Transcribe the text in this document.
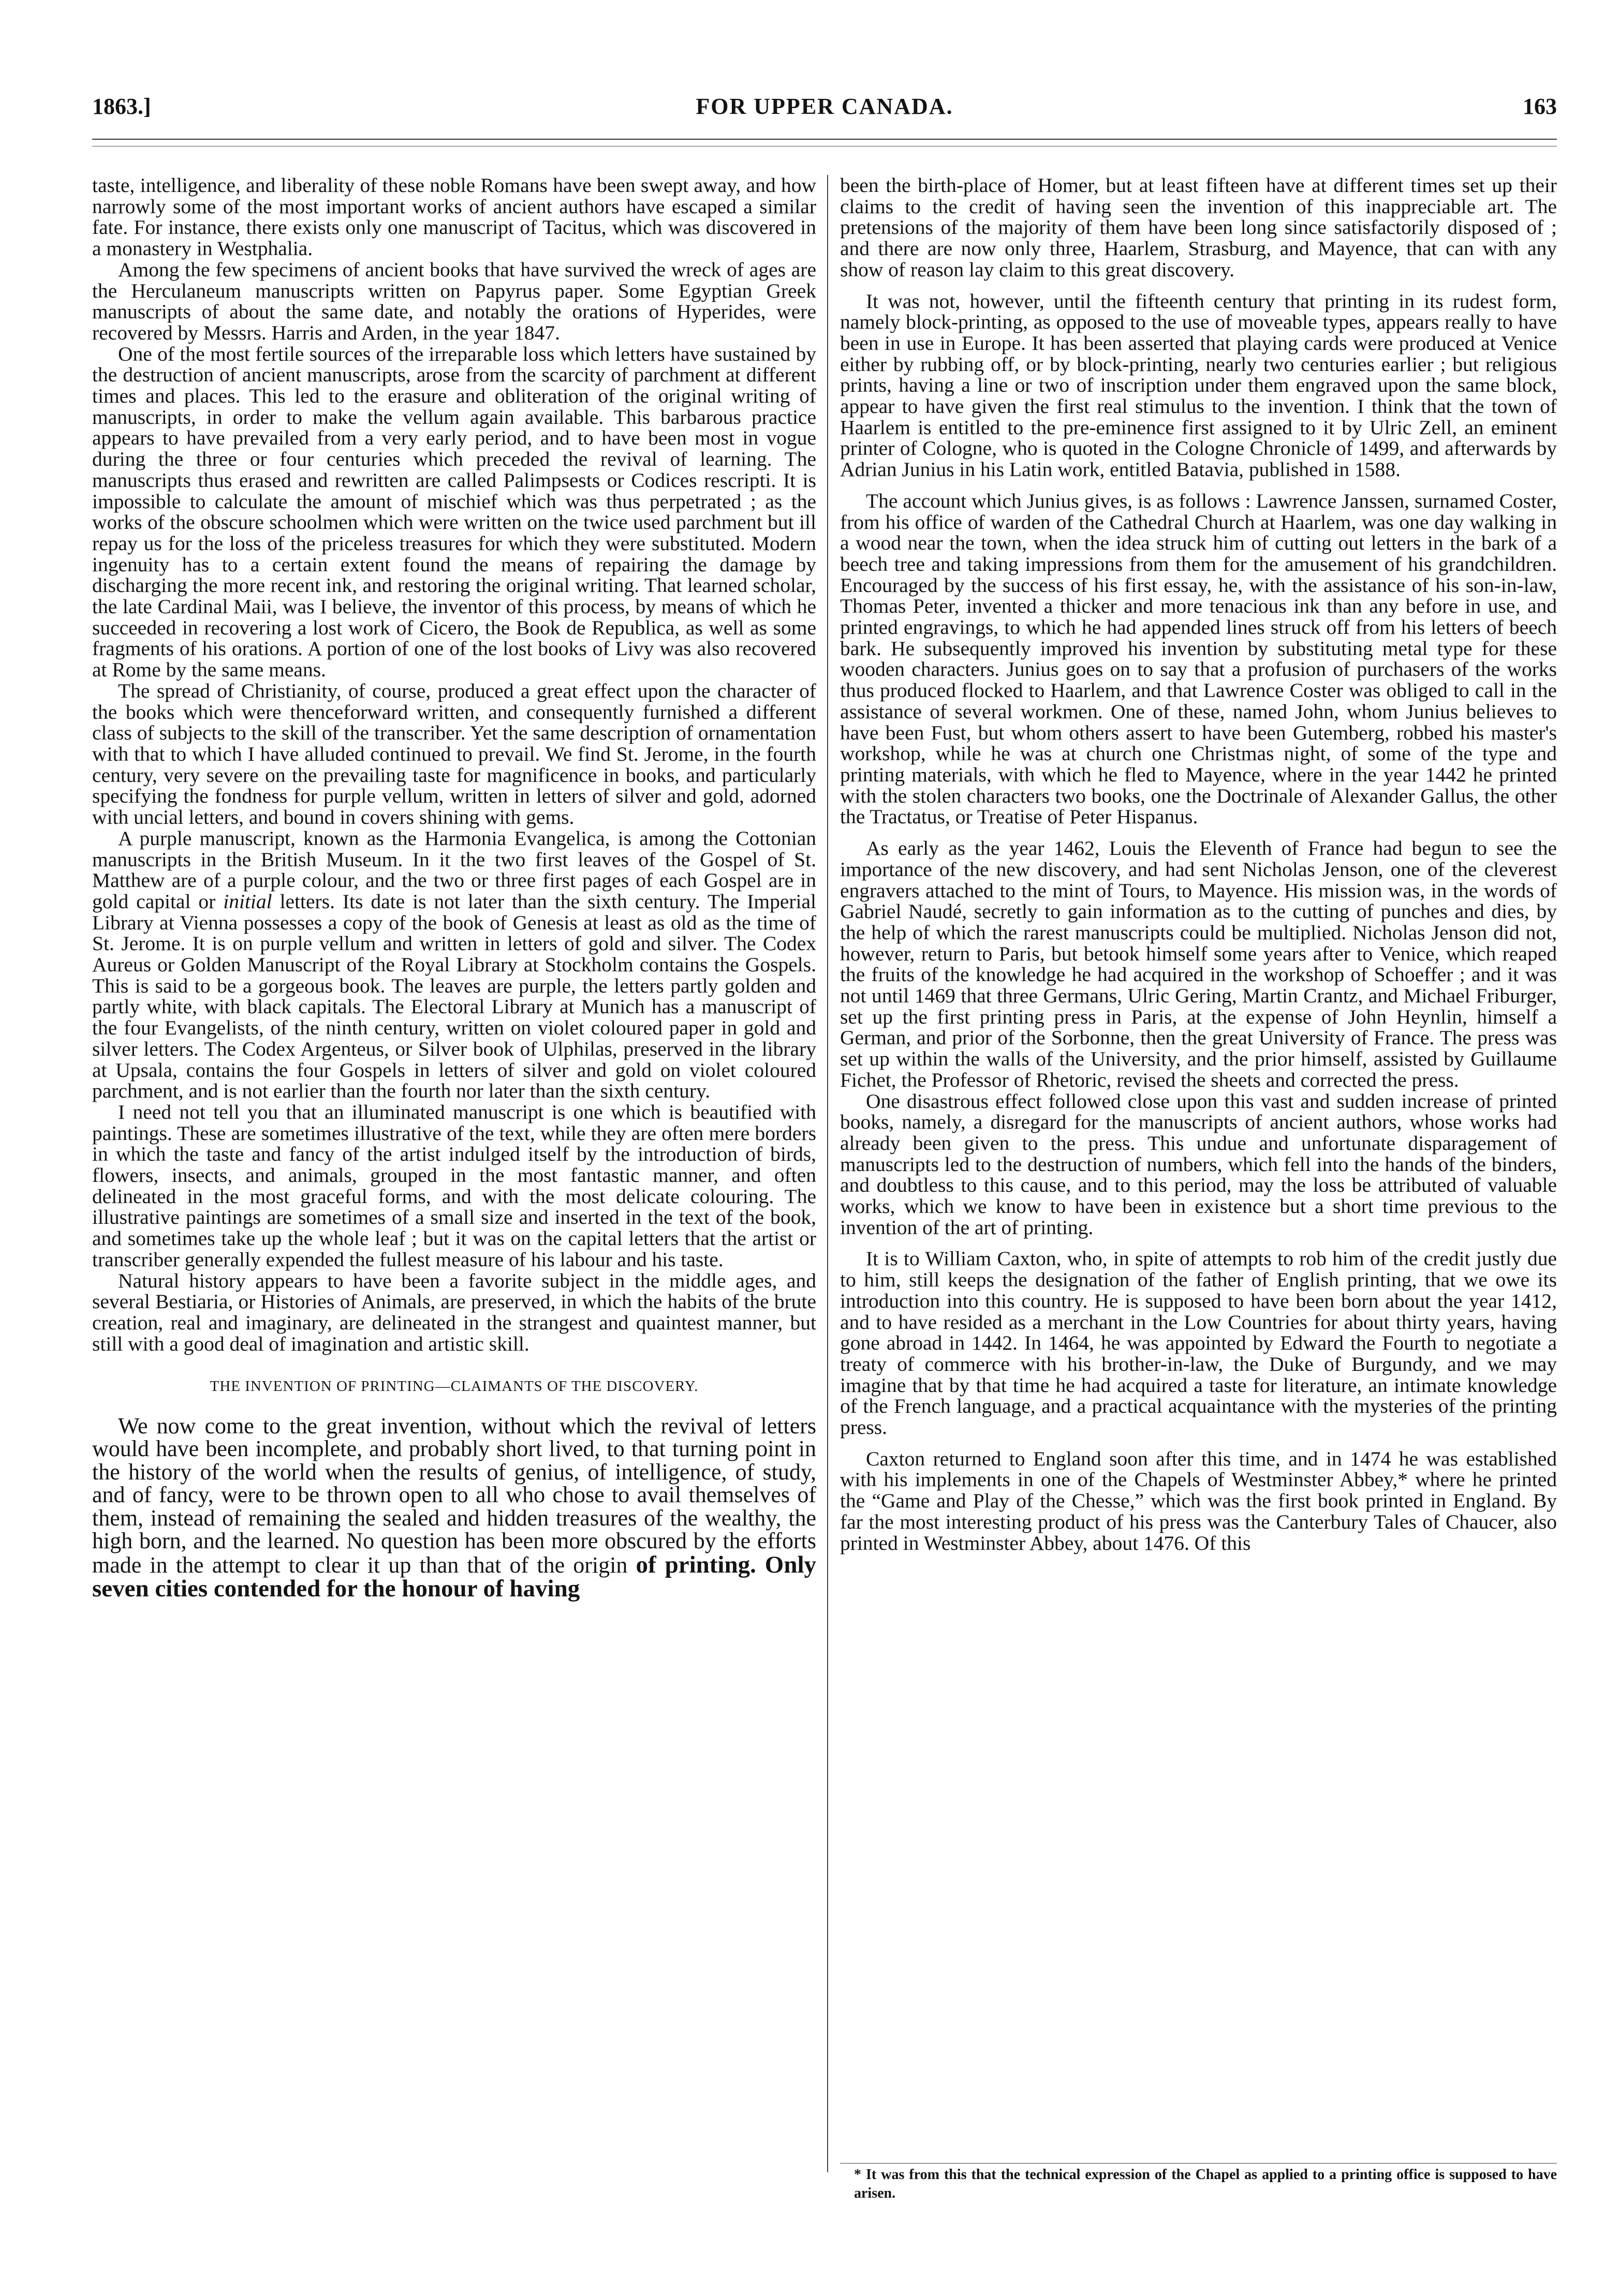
1863.]	FOR UPPER CANADA.	163

taste, intelligence, and liberality of these noble Romans have been swept away, and how narrowly some of the most important works of ancient authors have escaped a similar fate. For instance, there exists only one manuscript of Tacitus, which was discovered in a monastery in Westphalia.

Among the few specimens of ancient books that have survived the wreck of ages are the Herculaneum manuscripts written on Papyrus paper. Some Egyptian Greek manuscripts of about the same date, and notably the orations of Hyperides, were recovered by Messrs. Harris and Arden, in the year 1847.

One of the most fertile sources of the irreparable loss which letters have sustained by the destruction of ancient manuscripts, arose from the scarcity of parchment at different times and places. This led to the erasure and obliteration of the original writing of manuscripts, in order to make the vellum again available. This barbarous practice appears to have prevailed from a very early period, and to have been most in vogue during the three or four centuries which preceded the revival of learning. The manuscripts thus erased and rewritten are called Palimpsests or Codices rescripti. It is impossible to calculate the amount of mischief which was thus perpetrated ; as the works of the obscure schoolmen which were written on the twice used parchment but ill repay us for the loss of the priceless treasures for which they were substituted. Modern ingenuity has to a certain extent found the means of repairing the damage by discharging the more recent ink, and restoring the original writing. That learned scholar, the late Cardinal Maii, was I believe, the inventor of this process, by means of which he succeeded in recovering a lost work of Cicero, the Book de Republica, as well as some fragments of his orations. A portion of one of the lost books of Livy was also recovered at Rome by the same means.

The spread of Christianity, of course, produced a great effect upon the character of the books which were thenceforward written, and consequently furnished a different class of subjects to the skill of the transcriber. Yet the same description of ornamentation with that to which I have alluded continued to prevail. We find St. Jerome, in the fourth century, very severe on the prevailing taste for magnificence in books, and particularly specifying the fondness for purple vellum, written in letters of silver and gold, adorned with uncial letters, and bound in covers shining with gems.

A purple manuscript, known as the Harmonia Evangelica, is among the Cottonian manuscripts in the British Museum. In it the two first leaves of the Gospel of St. Matthew are of a purple colour, and the two or three first pages of each Gospel are in gold capital or initial letters. Its date is not later than the sixth century. The Imperial Library at Vienna possesses a copy of the book of Genesis at least as old as the time of St. Jerome. It is on purple vellum and written in letters of gold and silver. The Codex Aureus or Golden Manuscript of the Royal Library at Stockholm contains the Gospels. This is said to be a gorgeous book. The leaves are purple, the letters partly golden and partly white, with black capitals. The Electoral Library at Munich has a manuscript of the four Evangelists, of the ninth century, written on violet coloured paper in gold and silver letters. The Codex Argenteus, or Silver book of Ulphilas, preserved in the library at Upsala, contains the four Gospels in letters of silver and gold on violet coloured parchment, and is not earlier than the fourth nor later than the sixth century.

I need not tell you that an illuminated manuscript is one which is beautified with paintings. These are sometimes illustrative of the text, while they are often mere borders in which the taste and fancy of the artist indulged itself by the introduction of birds, flowers, insects, and animals, grouped in the most fantastic manner, and often delineated in the most graceful forms, and with the most delicate colouring. The illustrative paintings are sometimes of a small size and inserted in the text of the book, and sometimes take up the whole leaf ; but it was on the capital letters that the artist or transcriber generally expended the fullest measure of his labour and his taste.

Natural history appears to have been a favorite subject in the middle ages, and several Bestiaria, or Histories of Animals, are preserved, in which the habits of the brute creation, real and imaginary, are delineated in the strangest and quaintest manner, but still with a good deal of imagination and artistic skill.

THE INVENTION OF PRINTING—CLAIMANTS OF THE DISCOVERY.

We now come to the great invention, without which the revival of letters would have been incomplete, and probably short lived, to that turning point in the history of the world when the results of genius, of intelligence, of study, and of fancy, were to be thrown open to all who chose to avail themselves of them, instead of remaining the sealed and hidden treasures of the wealthy, the high born, and the learned. No question has been more obscured by the efforts made in the attempt to clear it up than that of the origin of printing. Only seven cities contended for the honour of having

been the birth-place of Homer, but at least fifteen have at different times set up their claims to the credit of having seen the invention of this inappreciable art. The pretensions of the majority of them have been long since satisfactorily disposed of ; and there are now only three, Haarlem, Strasburg, and Mayence, that can with any show of reason lay claim to this great discovery.

It was not, however, until the fifteenth century that printing in its rudest form, namely block-printing, as opposed to the use of moveable types, appears really to have been in use in Europe. It has been asserted that playing cards were produced at Venice either by rubbing off, or by block-printing, nearly two centuries earlier ; but religious prints, having a line or two of inscription under them engraved upon the same block, appear to have given the first real stimulus to the invention. I think that the town of Haarlem is entitled to the pre-eminence first assigned to it by Ulric Zell, an eminent printer of Cologne, who is quoted in the Cologne Chronicle of 1499, and afterwards by Adrian Junius in his Latin work, entitled Batavia, published in 1588.

The account which Junius gives, is as follows : Lawrence Janssen, surnamed Coster, from his office of warden of the Cathedral Church at Haarlem, was one day walking in a wood near the town, when the idea struck him of cutting out letters in the bark of a beech tree and taking impressions from them for the amusement of his grandchildren. Encouraged by the success of his first essay, he, with the assistance of his son-in-law, Thomas Peter, invented a thicker and more tenacious ink than any before in use, and printed engravings, to which he had appended lines struck off from his letters of beech bark. He subsequently improved his invention by substituting metal type for these wooden characters. Junius goes on to say that a profusion of purchasers of the works thus produced flocked to Haarlem, and that Lawrence Coster was obliged to call in the assistance of several workmen. One of these, named John, whom Junius believes to have been Fust, but whom others assert to have been Gutemberg, robbed his master's workshop, while he was at church one Christmas night, of some of the type and printing materials, with which he fled to Mayence, where in the year 1442 he printed with the stolen characters two books, one the Doctrinale of Alexander Gallus, the other the Tractatus, or Treatise of Peter Hispanus.

As early as the year 1462, Louis the Eleventh of France had begun to see the importance of the new discovery, and had sent Nicholas Jenson, one of the cleverest engravers attached to the mint of Tours, to Mayence. His mission was, in the words of Gabriel Naudé, secretly to gain information as to the cutting of punches and dies, by the help of which the rarest manuscripts could be multiplied. Nicholas Jenson did not, however, return to Paris, but betook himself some years after to Venice, which reaped the fruits of the knowledge he had acquired in the workshop of Schoeffer ; and it was not until 1469 that three Germans, Ulric Gering, Martin Crantz, and Michael Friburger, set up the first printing press in Paris, at the expense of John Heynlin, himself a German, and prior of the Sorbonne, then the great University of France. The press was set up within the walls of the University, and the prior himself, assisted by Guillaume Fichet, the Professor of Rhetoric, revised the sheets and corrected the press.

One disastrous effect followed close upon this vast and sudden increase of printed books, namely, a disregard for the manuscripts of ancient authors, whose works had already been given to the press. This undue and unfortunate disparagement of manuscripts led to the destruction of numbers, which fell into the hands of the binders, and doubtless to this cause, and to this period, may the loss be attributed of valuable works, which we know to have been in existence but a short time previous to the invention of the art of printing.

It is to William Caxton, who, in spite of attempts to rob him of the credit justly due to him, still keeps the designation of the father of English printing, that we owe its introduction into this country. He is supposed to have been born about the year 1412, and to have resided as a merchant in the Low Countries for about thirty years, having gone abroad in 1442. In 1464, he was appointed by Edward the Fourth to negotiate a treaty of commerce with his brother-in-law, the Duke of Burgundy, and we may imagine that by that time he had acquired a taste for literature, an intimate knowledge of the French language, and a practical acquaintance with the mysteries of the printing press.

Caxton returned to England soon after this time, and in 1474 he was established with his implements in one of the Chapels of Westminster Abbey,* where he printed the “Game and Play of the Chesse,” which was the first book printed in England. By far the most interesting product of his press was the Canterbury Tales of Chaucer, also printed in Westminster Abbey, about 1476. Of this

* It was from this that the technical expression of the Chapel as applied to a printing office is supposed to have arisen.
